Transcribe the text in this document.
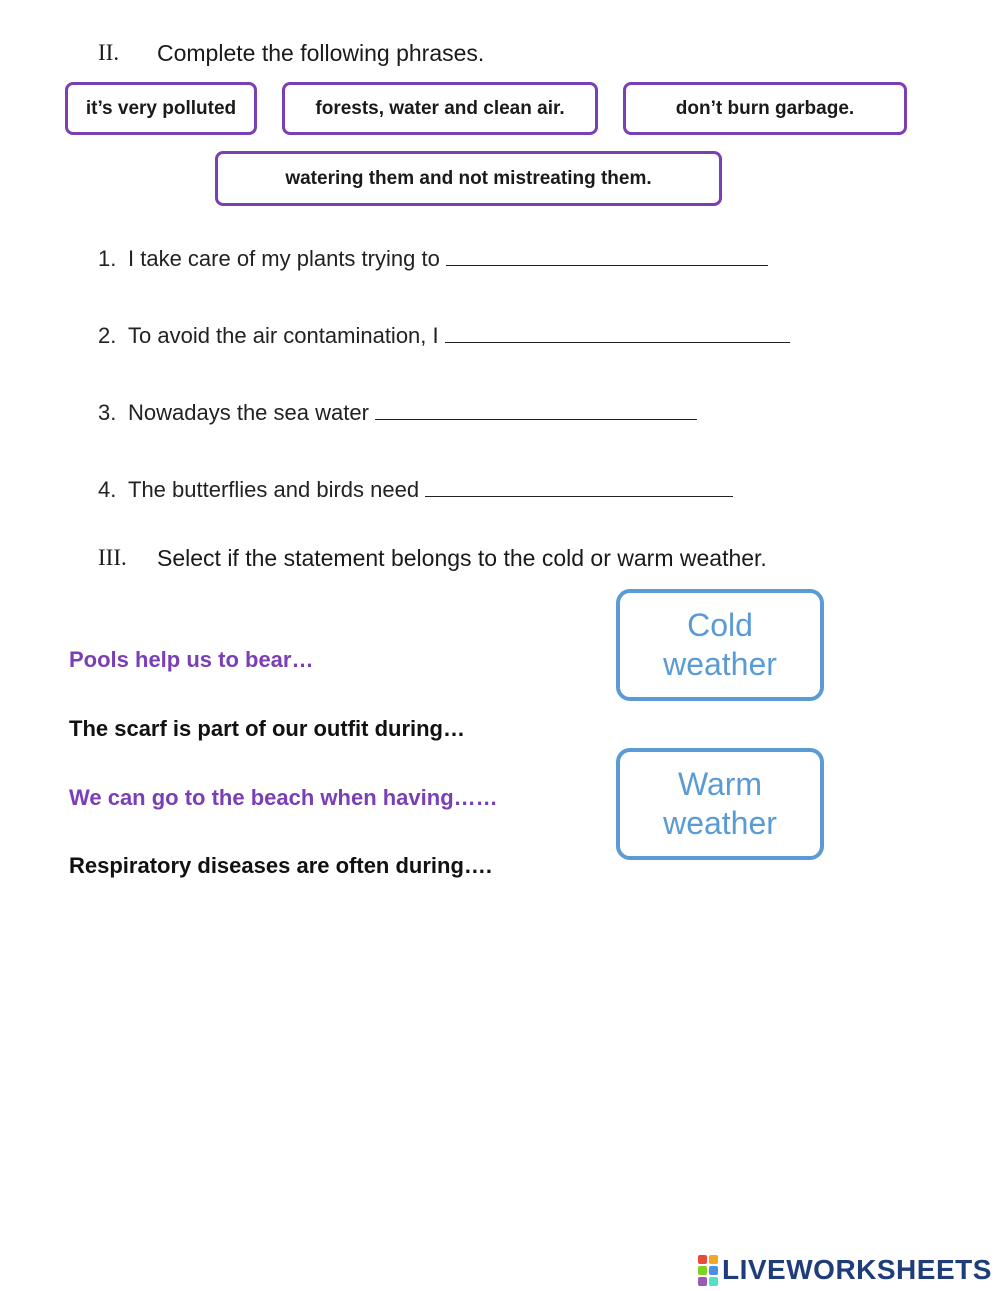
II. Complete the following phrases.
it’s very polluted	forests, water and clean air.	don’t burn garbage.
watering them and not mistreating them.
1. I take care of my plants trying to
2. To avoid the air contamination, I
3. Nowadays the sea water
4. The butterflies and birds need
III. Select if the statement belongs to the cold or warm weather.
Pools help us to bear…
The scarf is part of our outfit during…
We can go to the beach when having……
Respiratory diseases are often during….
Cold
weather
Warm
weather
LIVEWORKSHEETS
